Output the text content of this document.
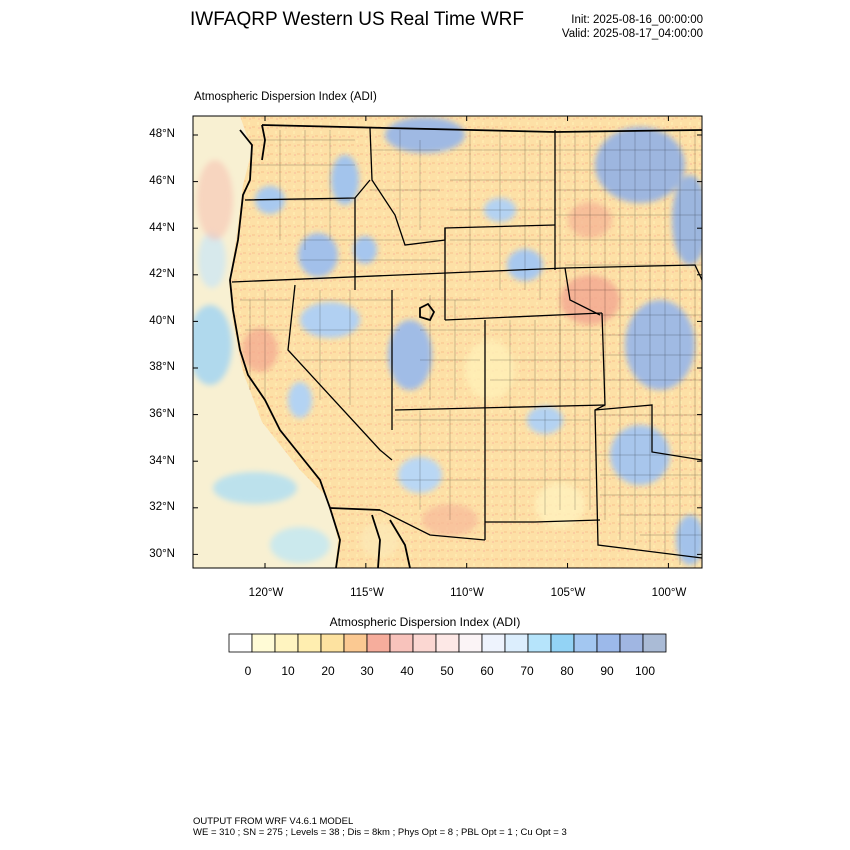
IWFAQRP Western US Real Time WRF	Init: 2025-08-16_00:00:00
Valid: 2025-08-17_04:00:00
Atmospheric Dispersion Index (ADI)
48°N
46°N
44°N
42°N
40°N
38°N
36°N
34°N
32°N
30°N
120°W	115°W	110°W	105°W	100°W
Atmospheric Dispersion Index (ADI)
0	10	20	30	40	50	60	70	80	90	100
OUTPUT FROM WRF V4.6.1 MODEL
WE = 310 ; SN = 275 ; Levels = 38 ; Dis = 8km ; Phys Opt = 8 ; PBL Opt = 1 ; Cu Opt = 3
